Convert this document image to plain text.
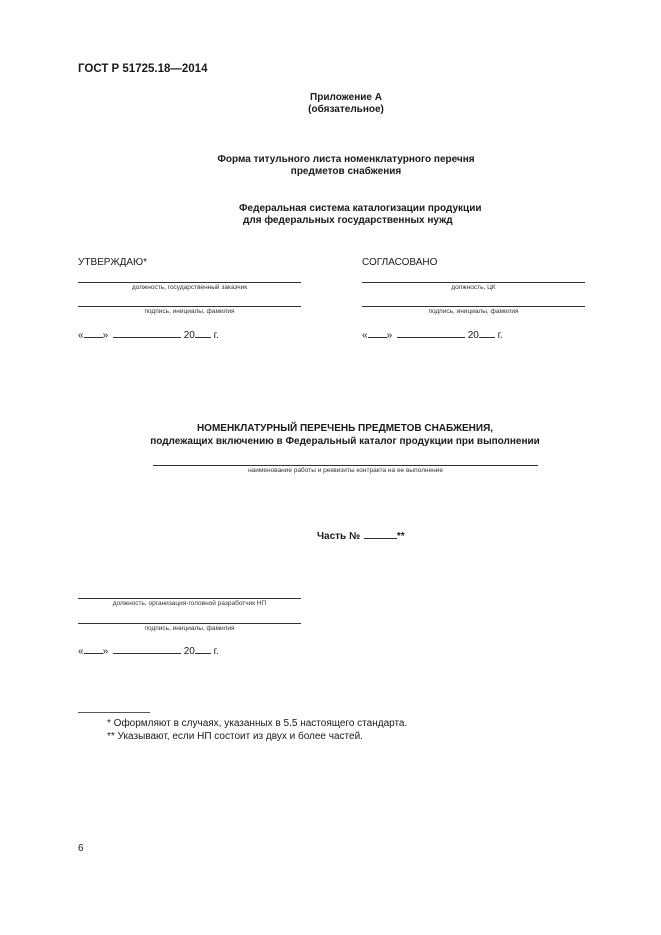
ГОСТ Р 51725.18—2014
Приложение А
(обязательное)
Форма титульного листа номенклатурного перечня
предметов снабжения
Федеральная система каталогизации продукции
для федеральных государственных нужд
УТВЕРЖДАЮ*
должность, государственный заказчик
подпись, инициалы, фамилия
« »	20 г.
СОГЛАСОВАНО
должность, ЦК
подпись, инициалы, фамилия
« »	20 г.
НОМЕНКЛАТУРНЫЙ ПЕРЕЧЕНЬ ПРЕДМЕТОВ СНАБЖЕНИЯ,
подлежащих включению в Федеральный каталог продукции при выполнении
наименование работы и реквизиты контракта на ее выполнение
Часть №	**
должность, организация-головной разработчик НП
подпись, инициалы, фамилия
« »	20 г.
* Оформляют в случаях, указанных в 5.5 настоящего стандарта.
** Указывают, если НП состоит из двух и более частей.
6
